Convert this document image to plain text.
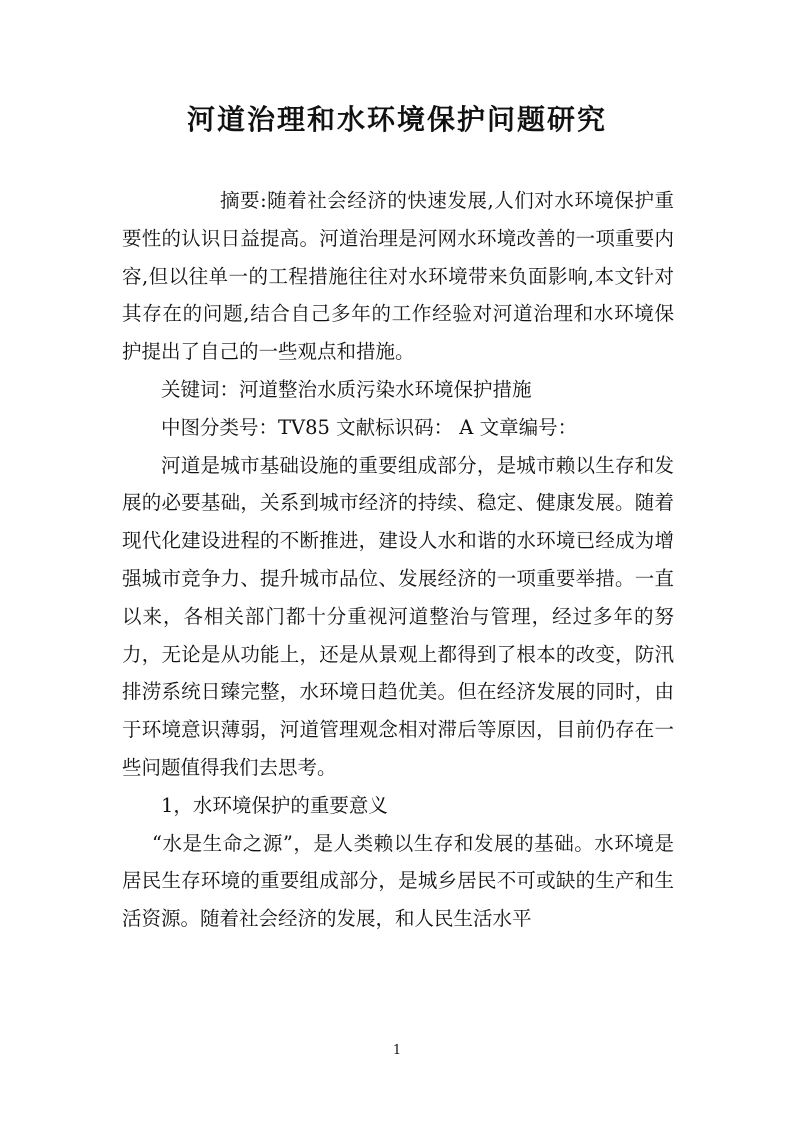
河道治理和水环境保护问题研究

摘要:随着社会经济的快速发展,人们对水环境保护重要性的认识日益提高。河道治理是河网水环境改善的一项重要内容,但以往单一的工程措施往往对水环境带来负面影响,本文针对其存在的问题,结合自己多年的工作经验对河道治理和水环境保护提出了自己的一些观点和措施。

关键词：河道整治水质污染水环境保护措施

中图分类号：TV85 文献标识码： A 文章编号：

河道是城市基础设施的重要组成部分，是城市赖以生存和发展的必要基础，关系到城市经济的持续、稳定、健康发展。随着现代化建设进程的不断推进，建设人水和谐的水环境已经成为增强城市竞争力、提升城市品位、发展经济的一项重要举措。一直以来，各相关部门都十分重视河道整治与管理，经过多年的努力，无论是从功能上，还是从景观上都得到了根本的改变，防汛排涝系统日臻完整，水环境日趋优美。但在经济发展的同时，由于环境意识薄弱，河道管理观念相对滞后等原因，目前仍存在一些问题值得我们去思考。

1，水环境保护的重要意义

“水是生命之源”，是人类赖以生存和发展的基础。水环境是居民生存环境的重要组成部分，是城乡居民不可或缺的生产和生活资源。随着社会经济的发展，和人民生活水平

1
